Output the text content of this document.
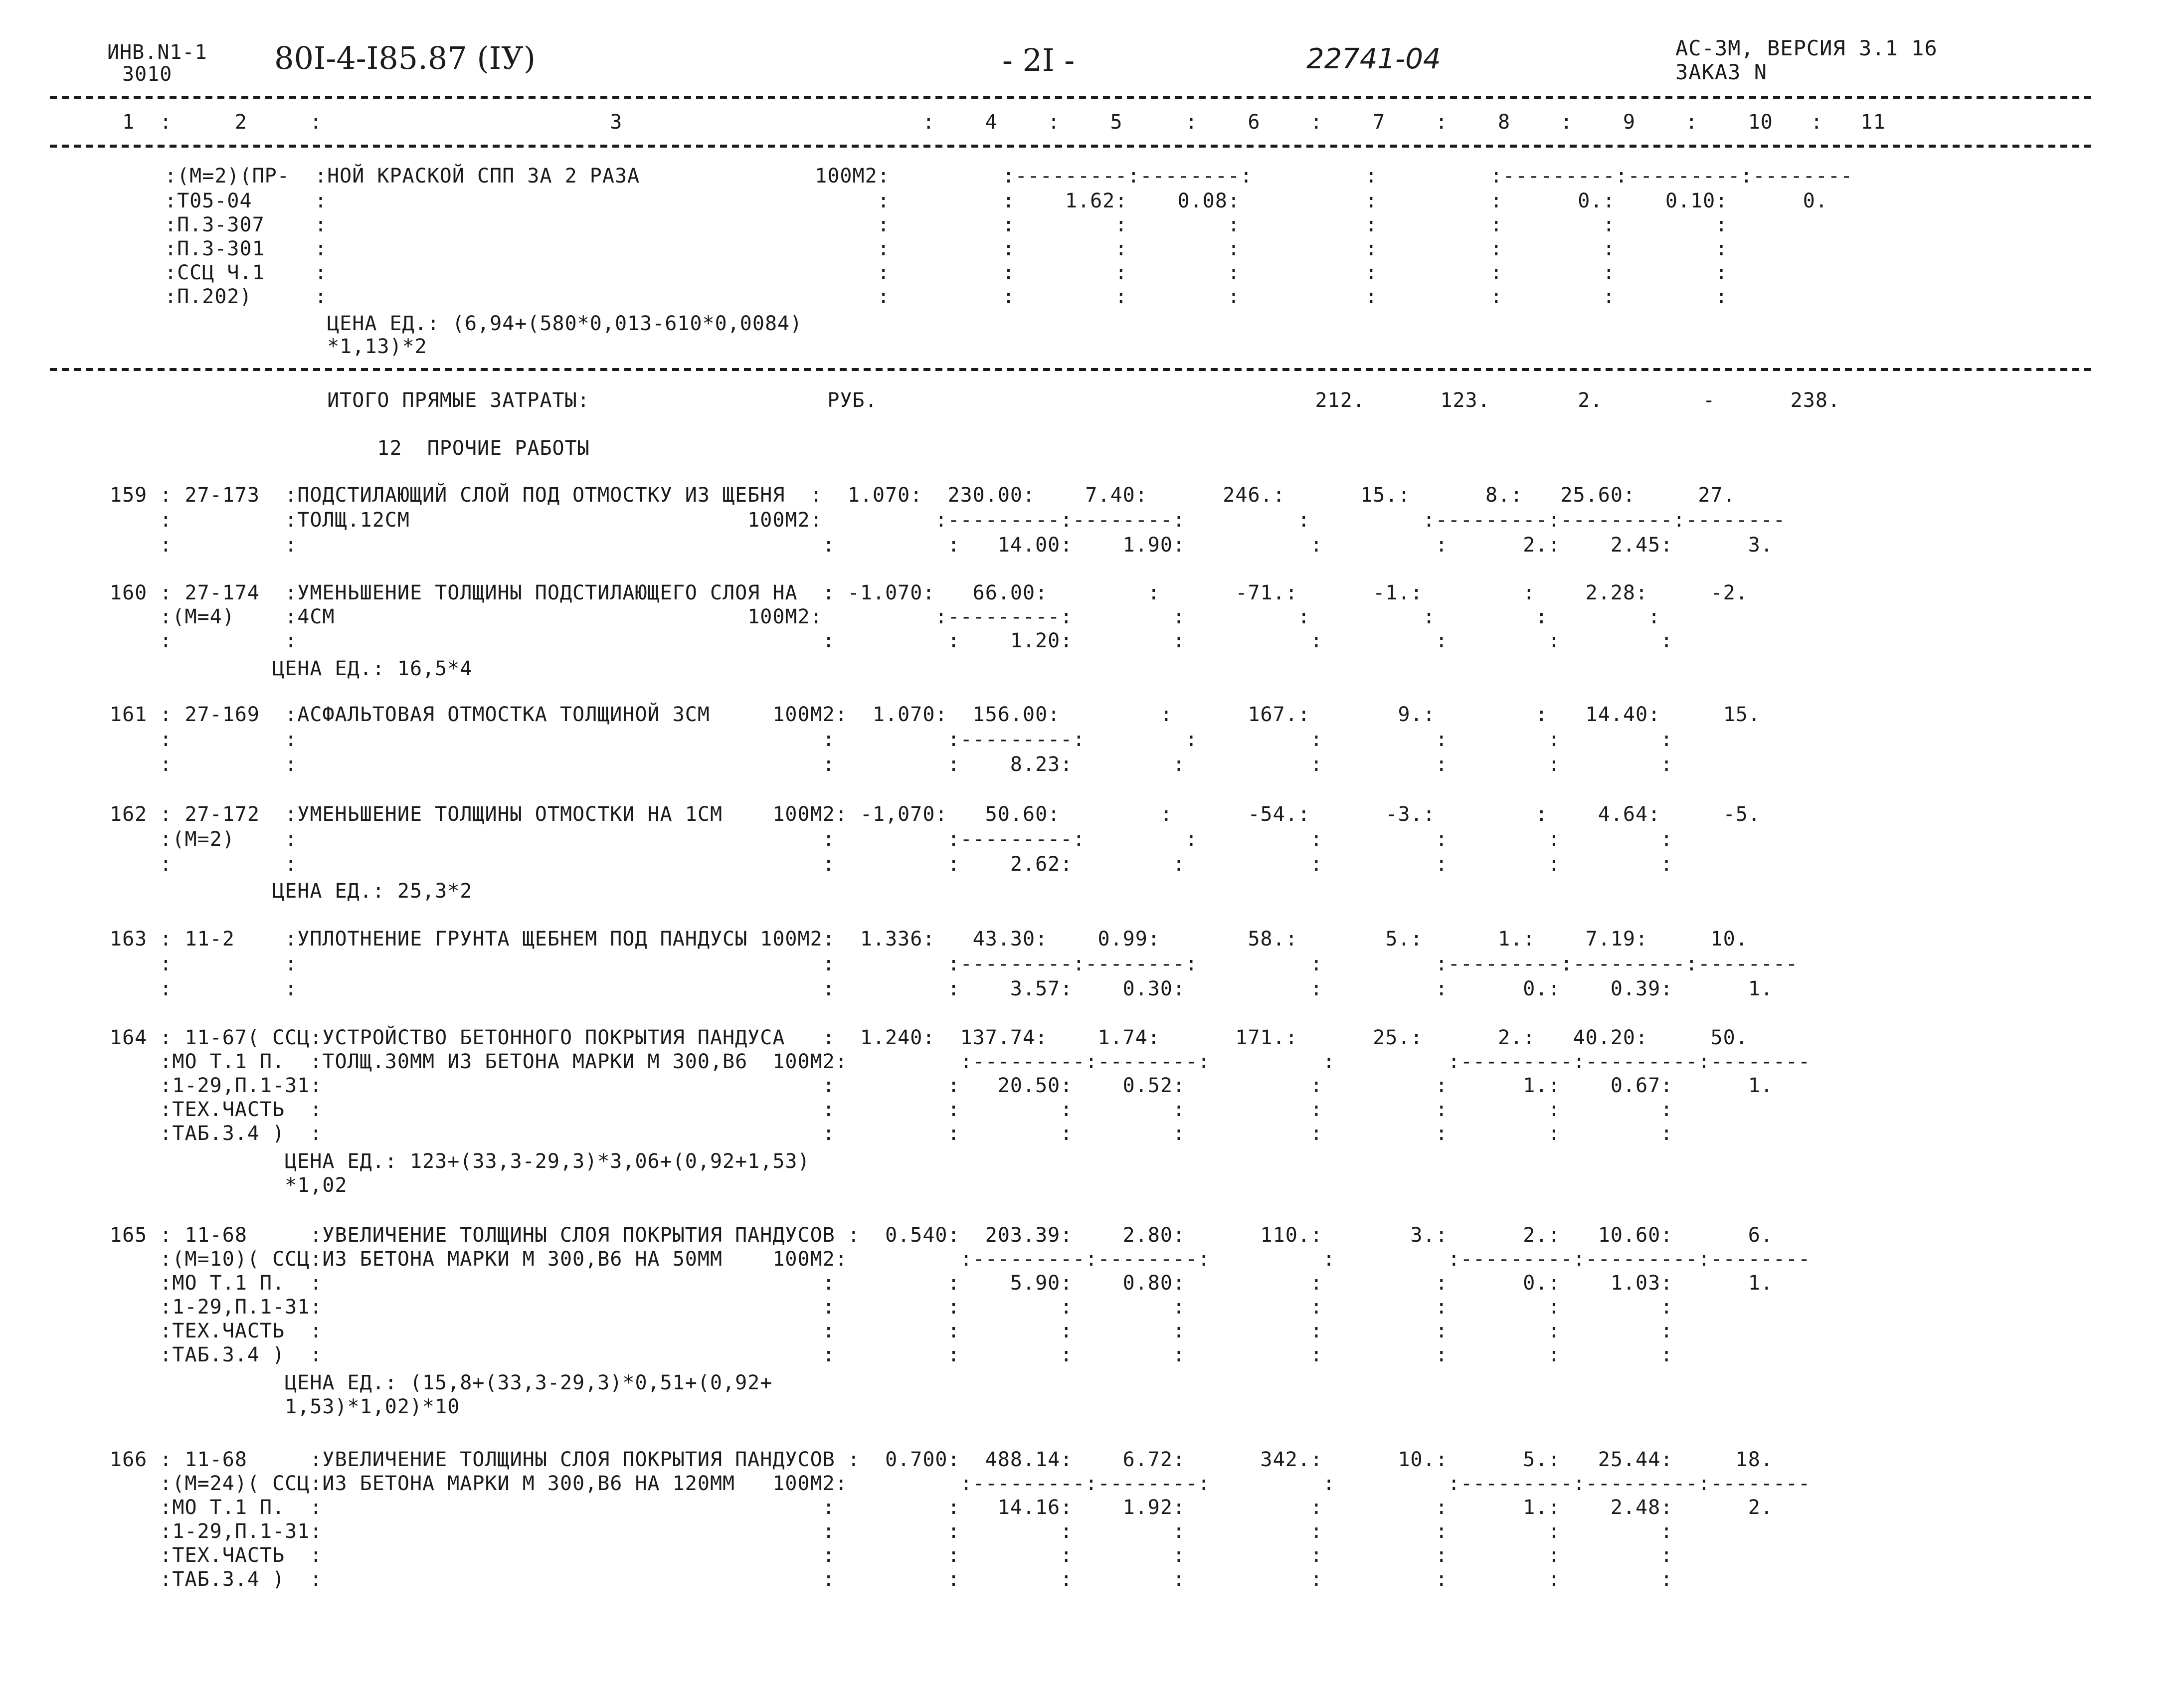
ИНВ.N1-1
3010	80I-4-I85.87 (IУ)	- 2I -	22741-04	АС-3М, ВЕРСИЯ 3.1 16
ЗАКАЗ N
1  :     2     :                       3                        :    4    :    5     :    6    :    7    :    8    :    9    :    10   :   11
:(М=2)(ПР-  :НОЙ КРАСКОЙ СПП ЗА 2 РАЗА              100М2:         :---------:--------:         :         :---------:---------:--------
:Т05-04     :                                            :         :    1.62:    0.08:          :         :      0.:    0.10:      0.
:П.3-307    :                                            :         :        :        :          :         :        :        :
:П.3-301    :                                            :         :        :        :          :         :        :        :
:ССЦ Ч.1    :                                            :         :        :        :          :         :        :        :
:П.202)     :                                            :         :        :        :          :         :        :        :
ЦЕНА ЕД.: (6,94+(580*0,013-610*0,0084)
*1,13)*2
ИТОГО ПРЯМЫЕ ЗАТРАТЫ:                   РУБ.                                   212.      123.       2.        -      238.
12  ПРОЧИЕ РАБОТЫ
159 : 27-173  :ПОДСТИЛАЮЩИЙ СЛОЙ ПОД ОТМОСТКУ ИЗ ЩЕБНЯ  :  1.070:  230.00:    7.40:      246.:      15.:      8.:   25.60:     27.
:         :ТОЛЩ.12СМ                           100М2:         :---------:--------:         :         :---------:---------:--------
:         :                                          :         :   14.00:    1.90:          :         :      2.:    2.45:      3.
160 : 27-174  :УМЕНЬШЕНИЕ ТОЛЩИНЫ ПОДСТИЛАЮЩЕГО СЛОЯ НА  : -1.070:   66.00:        :      -71.:      -1.:        :    2.28:     -2.
:(М=4)    :4СМ                                 100М2:         :---------:        :         :         :        :        :
:         :                                          :         :    1.20:        :          :         :        :        :
ЦЕНА ЕД.: 16,5*4
161 : 27-169  :АСФАЛЬТОВАЯ ОТМОСТКА ТОЛЩИНОЙ 3СМ     100М2:  1.070:  156.00:        :      167.:       9.:        :   14.40:     15.
:         :                                          :         :---------:        :         :         :        :        :
:         :                                          :         :    8.23:        :          :         :        :        :
162 : 27-172  :УМЕНЬШЕНИЕ ТОЛЩИНЫ ОТМОСТКИ НА 1СМ    100М2: -1,070:   50.60:        :      -54.:      -3.:        :    4.64:     -5.
:(М=2)    :                                          :         :---------:        :         :         :        :        :
:         :                                          :         :    2.62:        :          :         :        :        :
ЦЕНА ЕД.: 25,3*2
163 : 11-2    :УПЛОТНЕНИЕ ГРУНТА ЩЕБНЕМ ПОД ПАНДУСЫ 100М2:  1.336:   43.30:    0.99:       58.:       5.:      1.:    7.19:     10.
:         :                                          :         :---------:--------:         :         :---------:---------:--------
:         :                                          :         :    3.57:    0.30:          :         :      0.:    0.39:      1.
164 : 11-67( ССЦ:УСТРОЙСТВО БЕТОННОГО ПОКРЫТИЯ ПАНДУСА   :  1.240:  137.74:    1.74:      171.:      25.:      2.:   40.20:     50.
:МО Т.1 П.  :ТОЛЩ.30ММ ИЗ БЕТОНА МАРКИ М 300,В6  100М2:         :---------:--------:         :         :---------:---------:--------
:1-29,П.1-31:                                        :         :   20.50:    0.52:          :         :      1.:    0.67:      1.
:ТЕХ.ЧАСТЬ  :                                        :         :        :        :          :         :        :        :
:ТАБ.3.4 )  :                                        :         :        :        :          :         :        :        :
ЦЕНА ЕД.: 123+(33,3-29,3)*3,06+(0,92+1,53)
*1,02
165 : 11-68     :УВЕЛИЧЕНИЕ ТОЛЩИНЫ СЛОЯ ПОКРЫТИЯ ПАНДУСОВ :  0.540:  203.39:    2.80:      110.:       3.:      2.:   10.60:      6.
:(М=10)( ССЦ:ИЗ БЕТОНА МАРКИ М 300,В6 НА 50ММ    100М2:         :---------:--------:         :         :---------:---------:--------
:МО Т.1 П.  :                                        :         :    5.90:    0.80:          :         :      0.:    1.03:      1.
:1-29,П.1-31:                                        :         :        :        :          :         :        :        :
:ТЕХ.ЧАСТЬ  :                                        :         :        :        :          :         :        :        :
:ТАБ.3.4 )  :                                        :         :        :        :          :         :        :        :
ЦЕНА ЕД.: (15,8+(33,3-29,3)*0,51+(0,92+
1,53)*1,02)*10
166 : 11-68     :УВЕЛИЧЕНИЕ ТОЛЩИНЫ СЛОЯ ПОКРЫТИЯ ПАНДУСОВ :  0.700:  488.14:    6.72:      342.:      10.:      5.:   25.44:     18.
:(М=24)( ССЦ:ИЗ БЕТОНА МАРКИ М 300,В6 НА 120ММ   100М2:         :---------:--------:         :         :---------:---------:--------
:МО Т.1 П.  :                                        :         :   14.16:    1.92:          :         :      1.:    2.48:      2.
:1-29,П.1-31:                                        :         :        :        :          :         :        :        :
:ТЕХ.ЧАСТЬ  :                                        :         :        :        :          :         :        :        :
:ТАБ.3.4 )  :                                        :         :        :        :          :         :        :        :
